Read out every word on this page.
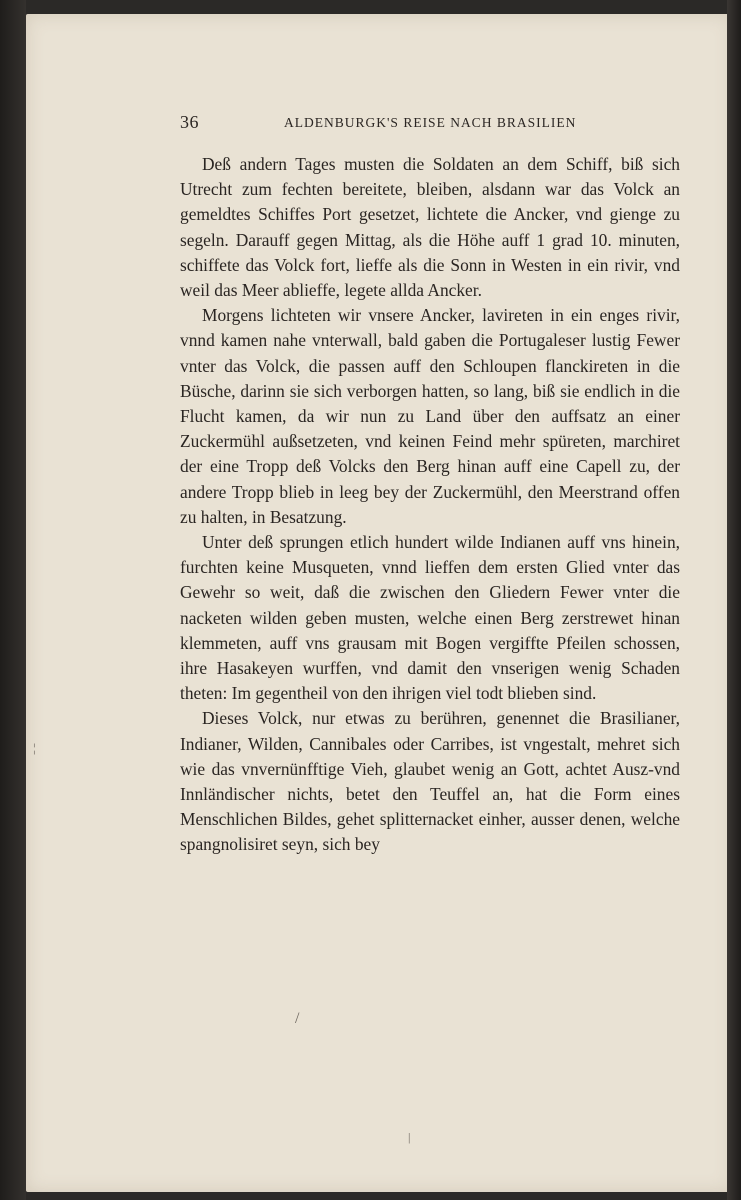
36	ALDENBURGK'S REISE NACH BRASILIEN

Deß andern Tages musten die Soldaten an dem Schiff, biß sich Utrecht zum fechten bereitete, bleiben, alsdann war das Volck an gemeldtes Schiffes Port gesetzet, lichtete die Ancker, vnd gienge zu segeln. Darauff gegen Mittag, als die Höhe auff 1 grad 10. minuten, schiffete das Volck fort, lieffe als die Sonn in Westen in ein rivir, vnd weil das Meer ablieffe, legete allda Ancker.

Morgens lichteten wir vnsere Ancker, lavireten in ein enges rivir, vnnd kamen nahe vnterwall, bald gaben die Portugaleser lustig Fewer vnter das Volck, die passen auff den Schloupen flanckireten in die Büsche, darinn sie sich verborgen hatten, so lang, biß sie endlich in die Flucht kamen, da wir nun zu Land über den auffsatz an einer Zuckermühl außsetzeten, vnd keinen Feind mehr spüreten, marchiret der eine Tropp deß Volcks den Berg hinan auff eine Capell zu, der andere Tropp blieb in leeg bey der Zuckermühl, den Meerstrand offen zu halten, in Besatzung.

Unter deß sprungen etlich hundert wilde Indianen auff vns hinein, furchten keine Musqueten, vnnd lieffen dem ersten Glied vnter das Gewehr so weit, daß die zwischen den Gliedern Fewer vnter die nacketen wilden geben musten, welche einen Berg zerstrewet hinan klemmeten, auff vns grausam mit Bogen vergiffte Pfeilen schossen, ihre Hasakeyen wurffen, vnd damit den vnserigen wenig Schaden theten: Im gegentheil von den ihrigen viel todt blieben sind.

Dieses Volck, nur etwas zu berühren, genennet die Brasilianer, Indianer, Wilden, Cannibales oder Carribes, ist vngestalt, mehret sich wie das vnvernünfftige Vieh, glaubet wenig an Gott, achtet Ausz-vnd Innländischer nichts, betet den Teuffel an, hat die Form eines Menschlichen Bildes, gehet splitternacket einher, ausser denen, welche spangnolisiret seyn, sich bey

/
|
¦
